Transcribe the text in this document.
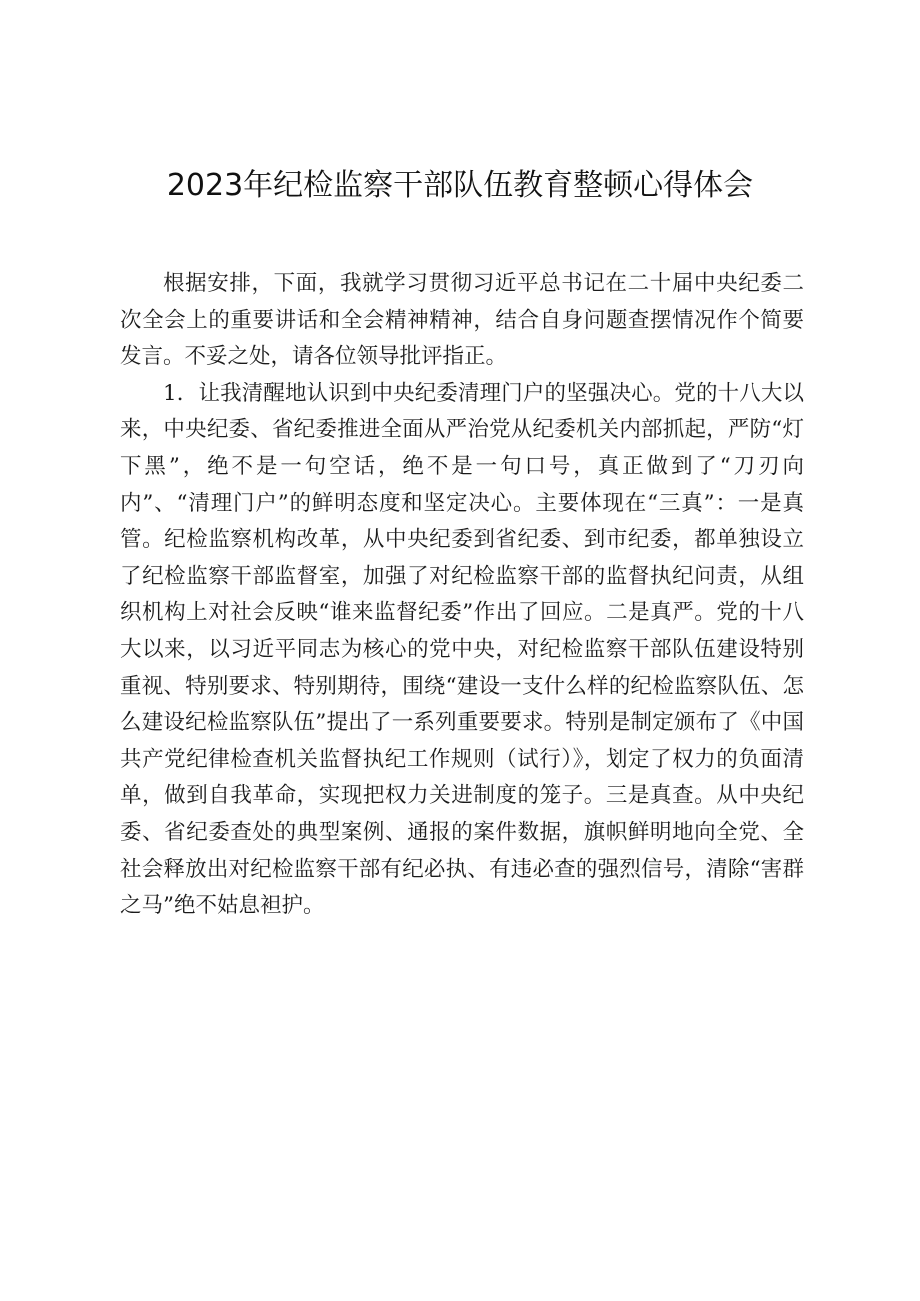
2023年纪检监察干部队伍教育整顿心得体会

根据安排，下面，我就学习贯彻习近平总书记在二十届中央纪委二次全会上的重要讲话和全会精神精神，结合自身问题查摆情况作个简要发言。不妥之处，请各位领导批评指正。

1．让我清醒地认识到中央纪委清理门户的坚强决心。党的十八大以来，中央纪委、省纪委推进全面从严治党从纪委机关内部抓起，严防“灯下黑”，绝不是一句空话，绝不是一句口号，真正做到了“刀刃向内”、“清理门户”的鲜明态度和坚定决心。主要体现在“三真”：一是真管。纪检监察机构改革，从中央纪委到省纪委、到市纪委，都单独设立了纪检监察干部监督室，加强了对纪检监察干部的监督执纪问责，从组织机构上对社会反映“谁来监督纪委”作出了回应。二是真严。党的十八大以来，以习近平同志为核心的党中央，对纪检监察干部队伍建设特别重视、特别要求、特别期待，围绕“建设一支什么样的纪检监察队伍、怎么建设纪检监察队伍”提出了一系列重要要求。特别是制定颁布了《中国共产党纪律检查机关监督执纪工作规则（试行）》，划定了权力的负面清单，做到自我革命，实现把权力关进制度的笼子。三是真查。从中央纪委、省纪委查处的典型案例、通报的案件数据，旗帜鲜明地向全党、全社会释放出对纪检监察干部有纪必执、有违必查的强烈信号，清除“害群之马”绝不姑息袒护。
